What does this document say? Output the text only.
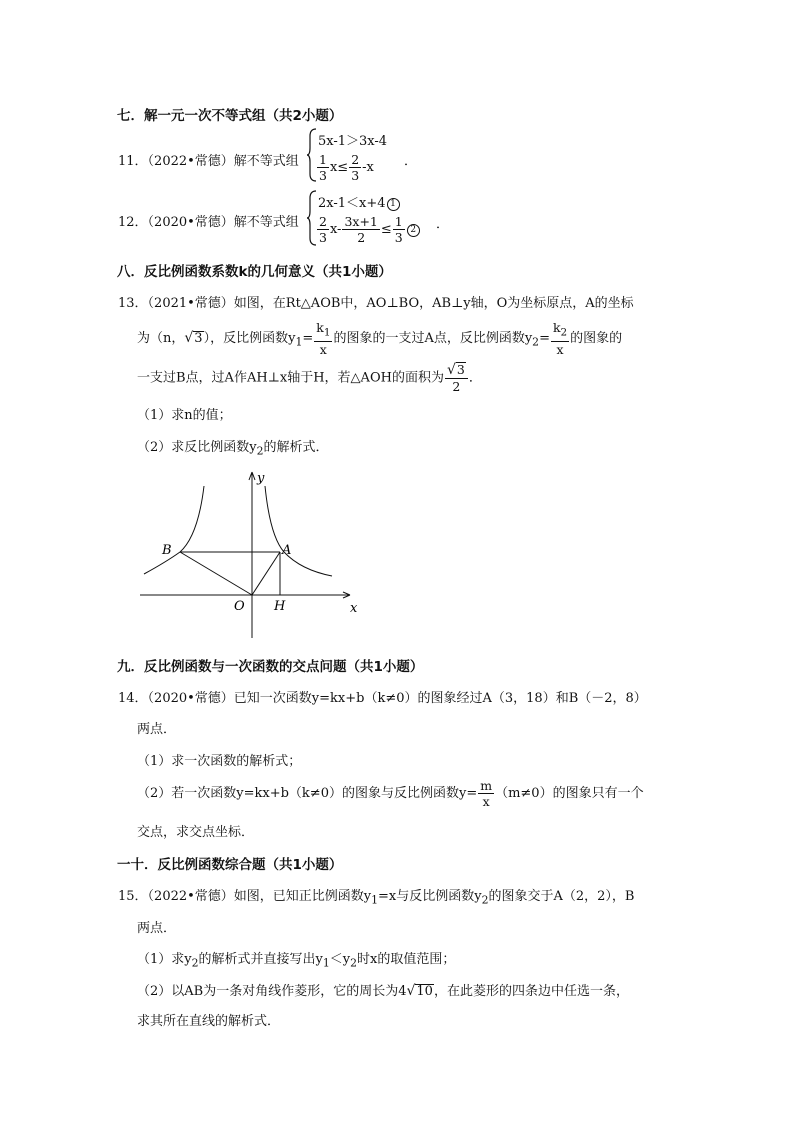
七．解一元一次不等式组（共2小题）
11．（2022•常德）解不等式组
5x-1＞3x-4
$\frac{1}{3} x\le \frac{2}{3} -x$ ．
12．（2020•常德）解不等式组
2x-1＜x+4 1
$\frac{2}{3} x- \frac{3x+1}{2} \le \frac{1}{3} 2$ ．
八．反比例函数系数k的几何意义（共1小题）
13．（2021•常德）如图，在Rt△AOB中，AO⊥BO，AB⊥y轴，O为坐标原点，A的坐标
为（n，√3），反比例函数$y_1= \frac{k_1}{x}$ 的图象的一支过A点，反比例函数$y_2= \frac{k_2}{x}$ 的图象的
一支过B点，过A作AH⊥x轴于H，若△AOH的面积为 $\frac{√3}{2}$ ．
（1）求n的值；
（2）求反比例函数$y_2$的解析式．
y
x
O H
A
B
九．反比例函数与一次函数的交点问题（共1小题）
14．（2020•常德）已知一次函数y=kx+b（k≠0）的图象经过A（3，18）和B（－2，8）
两点．
（1）求一次函数的解析式；
（2）若一次函数y=kx+b（k≠0）的图象与反比例函数$y= \frac{m}{x} (m\ne 0)$的图象只有一个
交点，求交点坐标．
一十．反比例函数综合题（共1小题）
15．（2022•常德）如图，已知正比例函数$y_1=x$与反比例函数$y_2$的图象交于A（2，2），B
两点．
（1）求$y_2$的解析式并直接写出$y_1<y_2$时x的取值范围；
（2）以AB为一条对角线作菱形，它的周长为4√10，在此菱形的四条边中任选一条，
求其所在直线的解析式．
